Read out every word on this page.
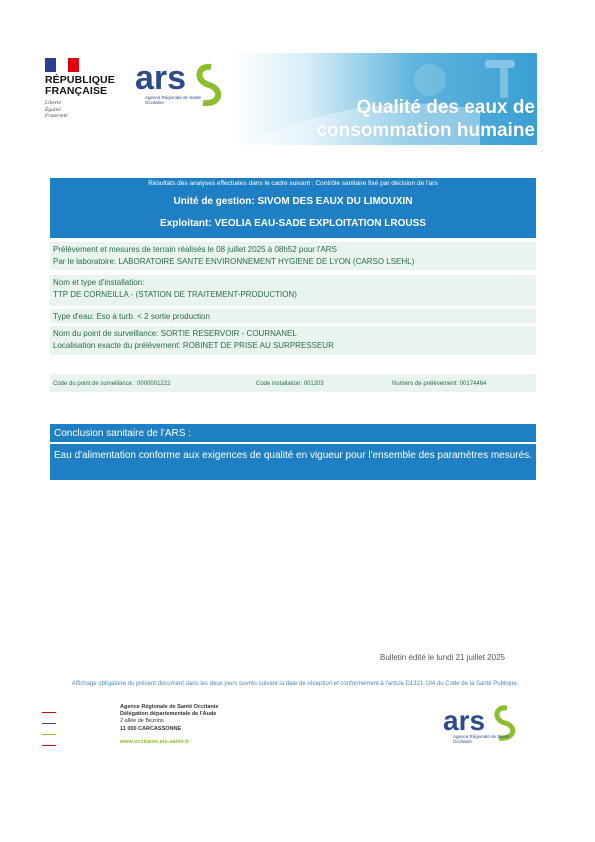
RÉPUBLIQUE
FRANÇAISE
Liberté
Égalité
Fraternité
ars
Agence Régionale de Santé
Occitanie	Qualité des eaux de
consommation humaine
Résultats des analyses effectuées dans le cadre suivant : Contrôle sanitaire fixé par décision de l'ars
Unité de gestion: SIVOM DES EAUX DU LIMOUXIN
Exploitant: VEOLIA EAU-SADE EXPLOITATION LROUSS
Prélèvement et mesures de terrain réalisés le 08 juillet 2025 à 08h52 pour l'ARS
Par le laboratoire: LABORATOIRE SANTE ENVIRONNEMENT HYGIENE DE LYON (CARSO LSEHL)
Nom et type d'installation:
TTP DE CORNEILLA - (STATION DE TRAITEMENT-PRODUCTION)
Type d'eau: Eso à turb. < 2 sortie production
Nom du point de surveillance: SORTIE RESERVOIR - COURNANEL
Localisation exacte du prélèvement: ROBINET DE PRISE AU SURPRESSEUR
Code du point de surveillance : 0000001222	Code installation: 001203	Numéro de prélèvement: 00174464
Conclusion sanitaire de l'ARS :
Eau d'alimentation conforme aux exigences de qualité en vigueur pour l'ensemble des paramètres mesurés.
Bulletin édité le lundi 21 juillet 2025
Affichage obligatoire du présent document dans les deux jours ouvrés suivant la date de réception et conformément à l'article D1321-104 du Code de la Santé Publique.
Agence Régionale de Santé Occitanie
Délégation départementale de l'Aude
2 allée de Bezons
11 000 CARCASSONNE
www.occitanie.ars.sante.fr
ars
Agence Régionale de Santé
Occitanie
